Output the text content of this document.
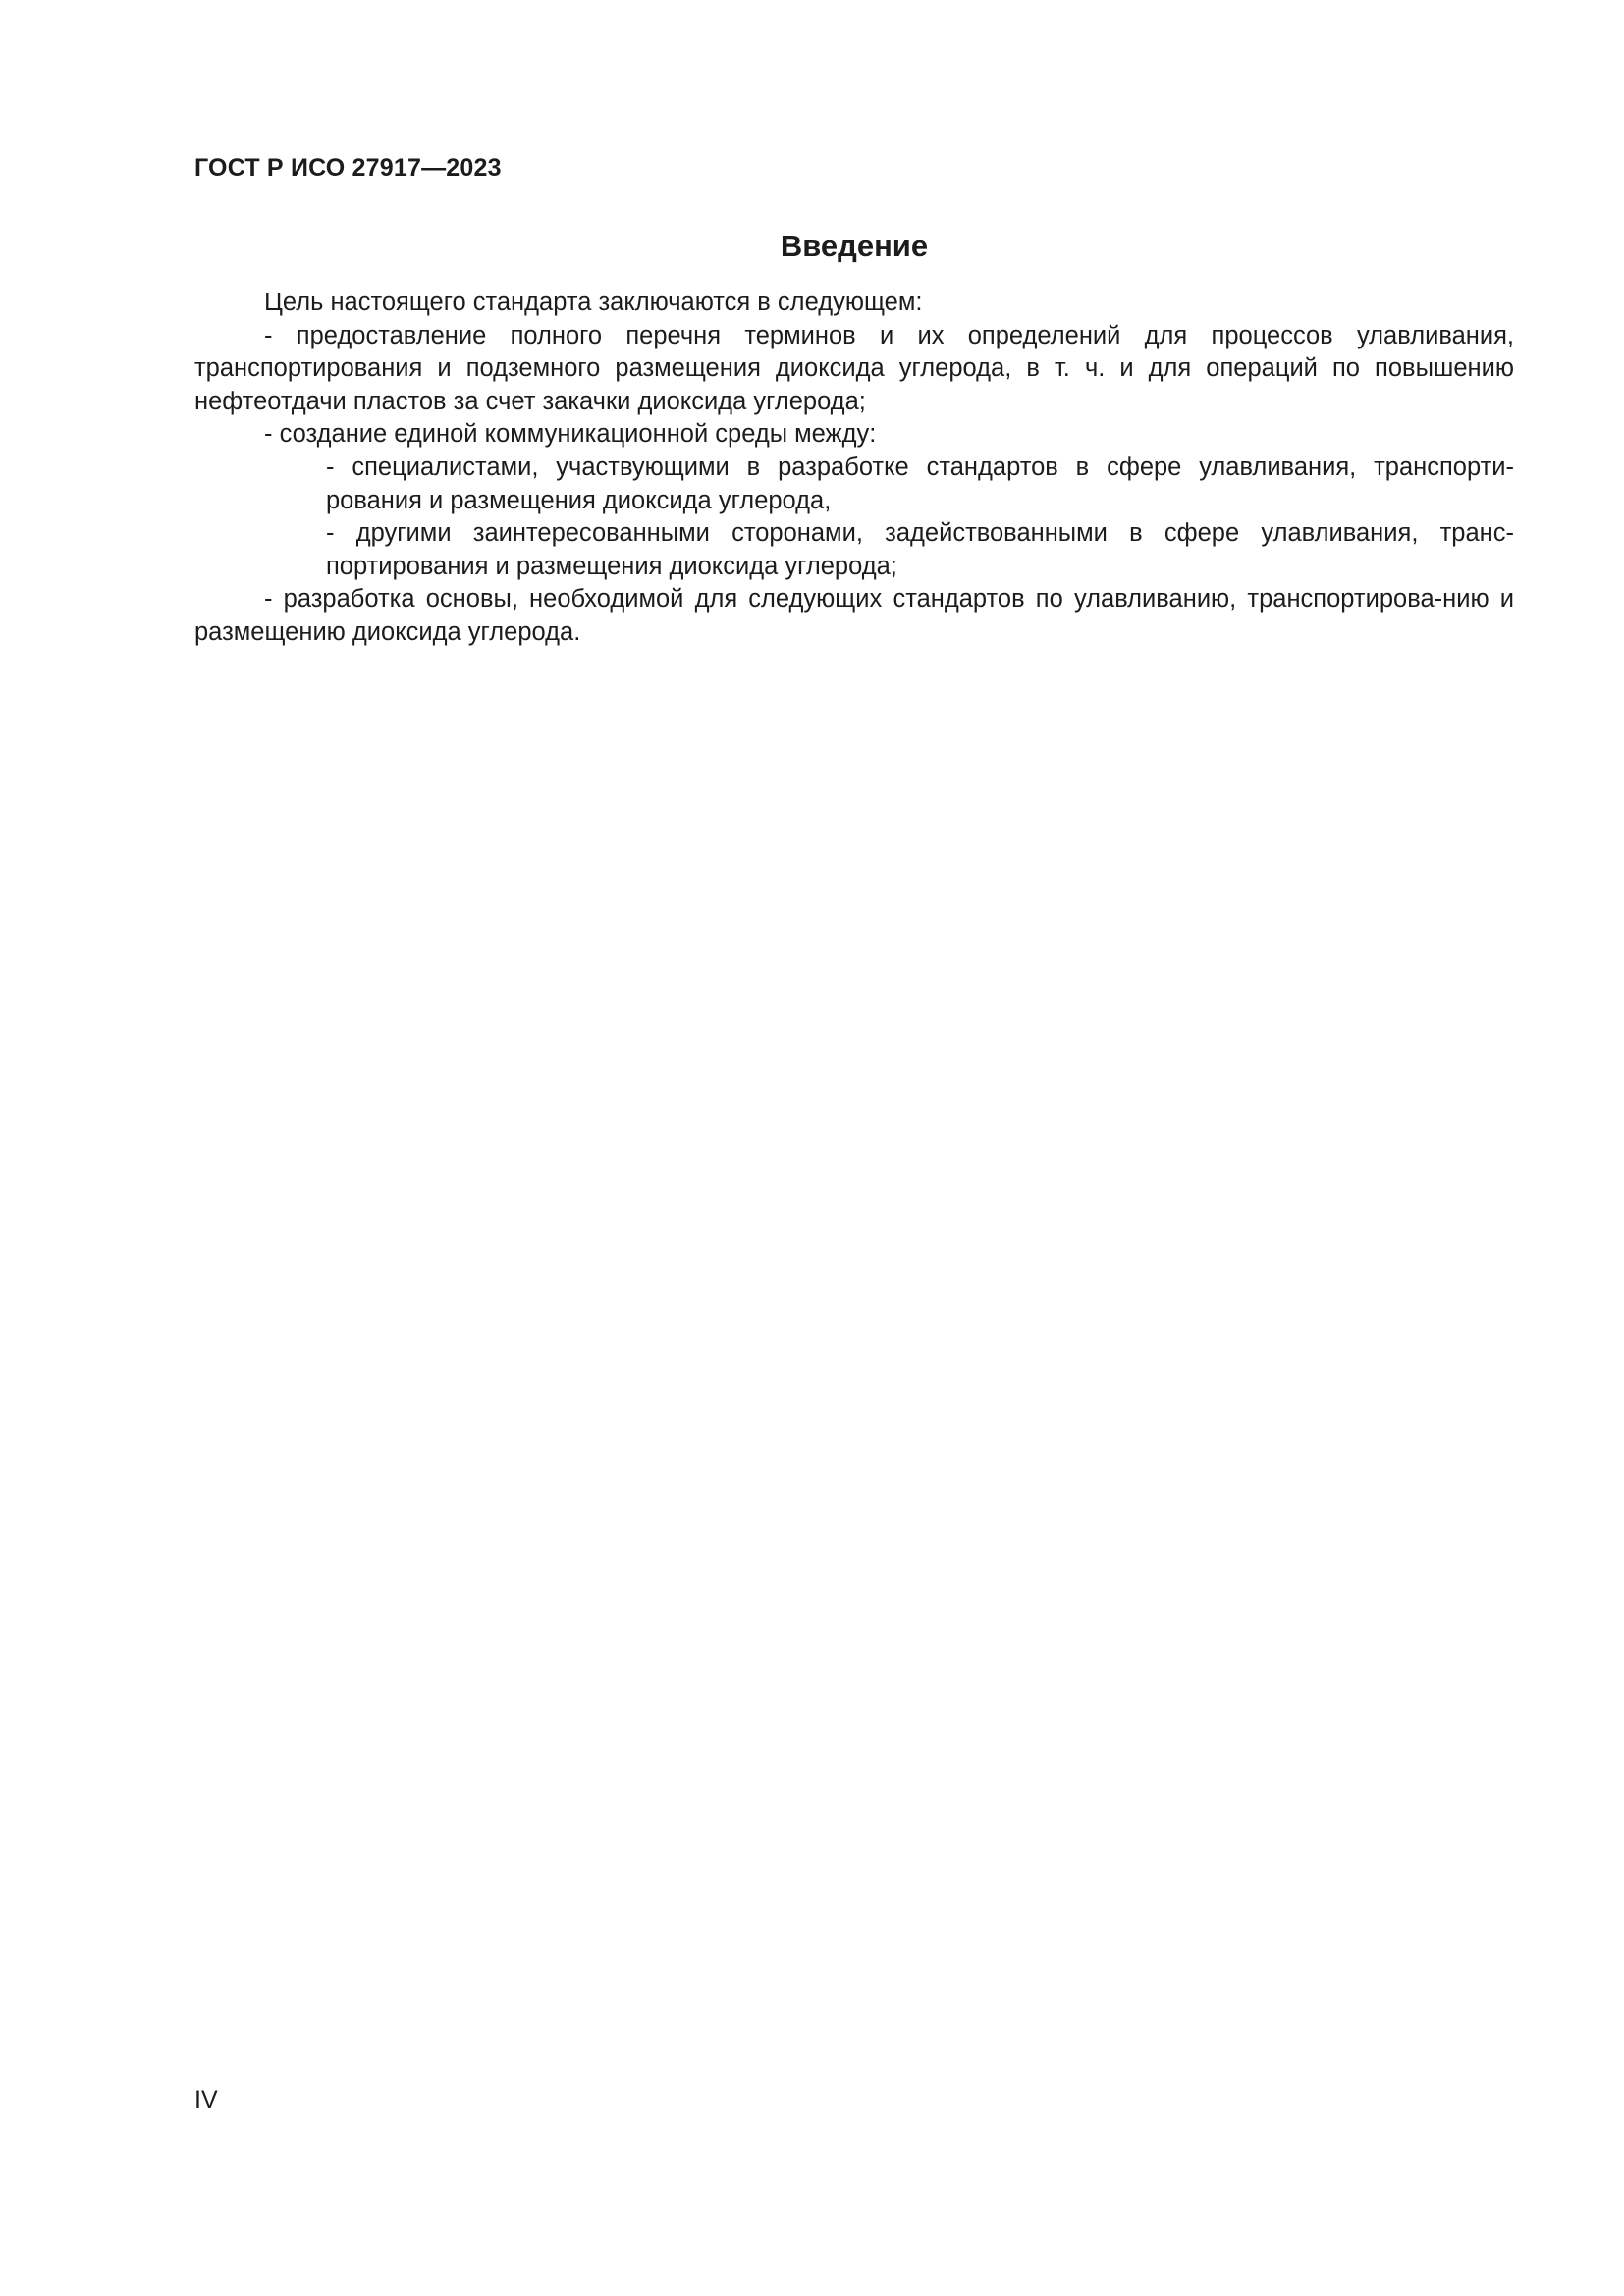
ГОСТ Р ИСО 27917—2023
Введение

Цель настоящего стандарта заключаются в следующем:

- предоставление полного перечня терминов и их определений для процессов улавливания, транспортирования и подземного размещения диоксида углерода, в т. ч. и для операций по повышению нефтеотдачи пластов за счет закачки диоксида углерода;

- создание единой коммуникационной среды между:

- специалистами, участвующими в разработке стандартов в сфере улавливания, транспорти-рования и размещения диоксида углерода,

- другими заинтересованными сторонами, задействованными в сфере улавливания, транс-портирования и размещения диоксида углерода;

- разработка основы, необходимой для следующих стандартов по улавливанию, транспортирова-нию и размещению диоксида углерода.

IV
